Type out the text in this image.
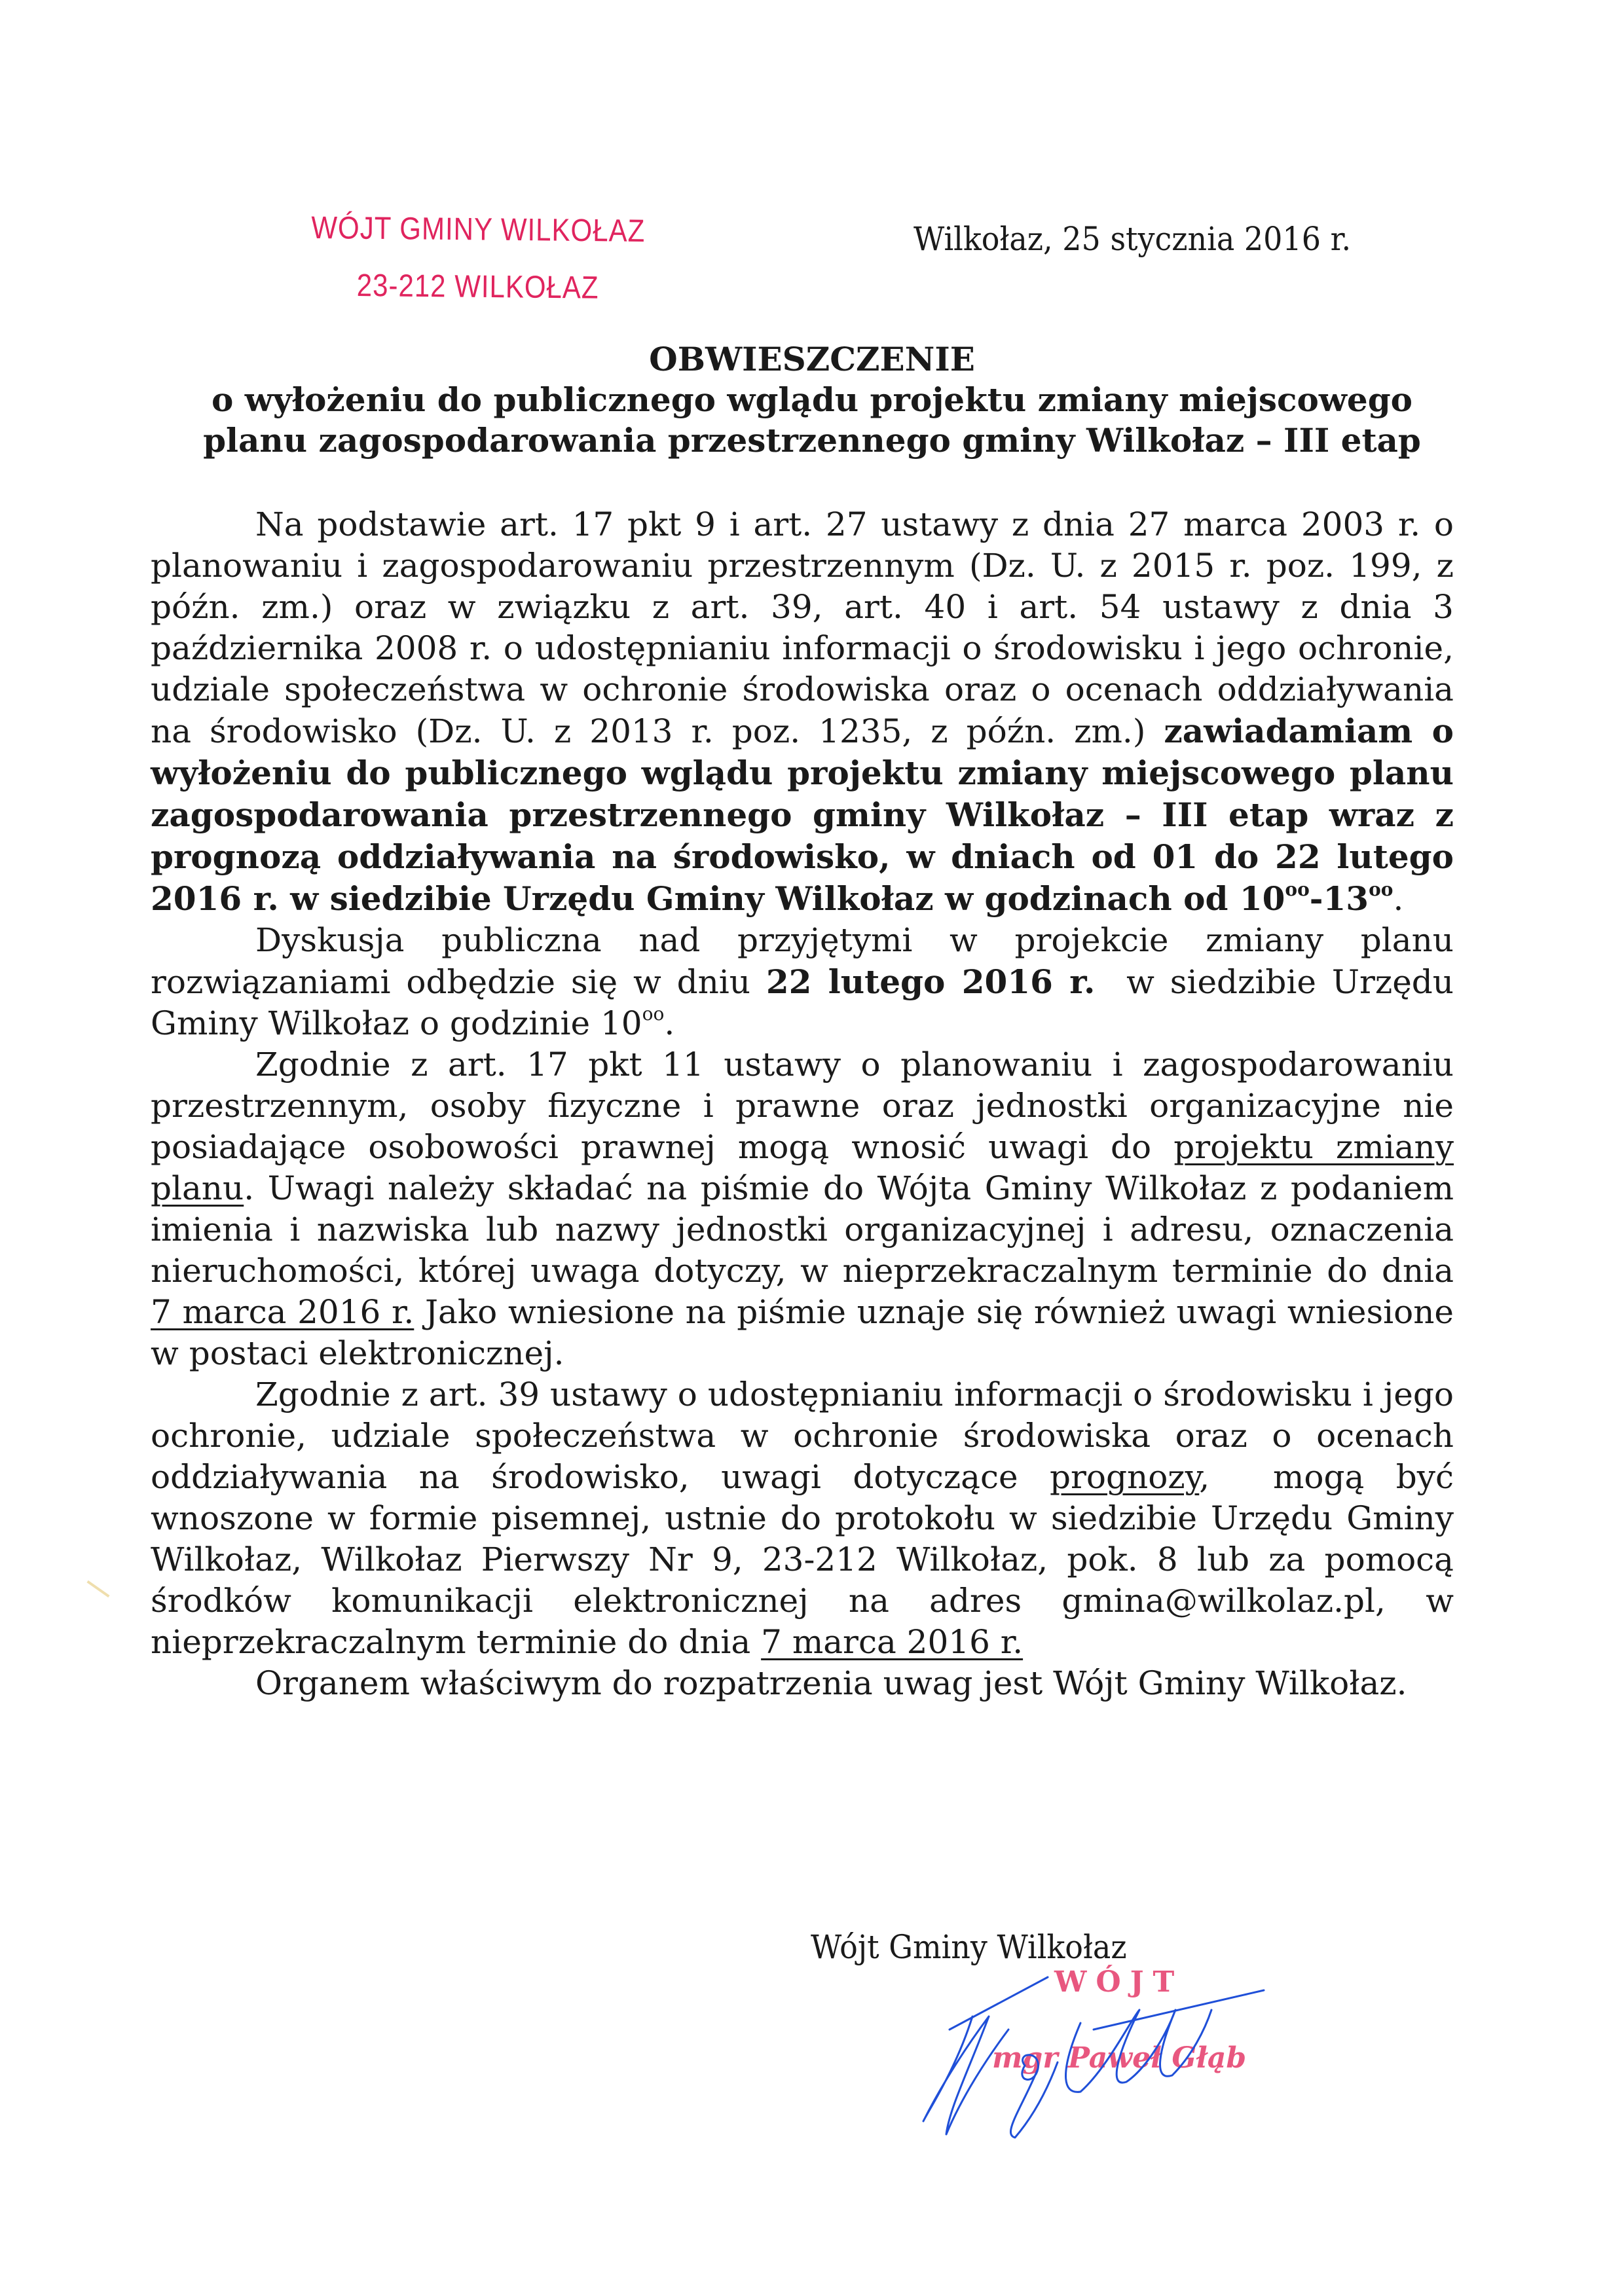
WÓJT GMINY WILKOŁAZ
23-212 WILKOŁAZ
Wilkołaz, 25 stycznia 2016 r.
OBWIESZCZENIE
o wyłożeniu do publicznego wglądu projektu zmiany miejscowego
planu zagospodarowania przestrzennego gminy Wilkołaz – III etap

Na podstawie art. 17 pkt 9 i art. 27 ustawy z dnia 27 marca 2003 r. o planowaniu i zagospodarowaniu przestrzennym (Dz. U. z 2015 r. poz. 199, z późn. zm.) oraz w związku z art. 39, art. 40 i art. 54 ustawy z dnia 3 października 2008 r. o udostępnianiu informacji o środowisku i jego ochronie, udziale społeczeństwa w ochronie środowiska oraz o ocenach oddziaływania na środowisko (Dz. U. z 2013 r. poz. 1235, z późn. zm.) zawiadamiam o wyłożeniu do publicznego wglądu projektu zmiany miejscowego planu zagospodarowania przestrzennego gminy Wilkołaz – III etap wraz z prognozą oddziaływania na środowisko, w dniach od 01 do 22 lutego 2016 r. w siedzibie Urzędu Gminy Wilkołaz w godzinach od $10^{oo}-13^{oo}$.

Dyskusja publiczna nad przyjętymi w projekcie zmiany planu rozwiązaniami odbędzie się w dniu 22 lutego 2016 r.  w siedzibie Urzędu Gminy Wilkołaz o godzinie $10^{oo}$.

Zgodnie z art. 17 pkt 11 ustawy o planowaniu i zagospodarowaniu przestrzennym, osoby fizyczne i prawne oraz jednostki organizacyjne nie posiadające osobowości prawnej mogą wnosić uwagi do projektu zmiany planu. Uwagi należy składać na piśmie do Wójta Gminy Wilkołaz z podaniem imienia i nazwiska lub nazwy jednostki organizacyjnej i adresu, oznaczenia nieruchomości, której uwaga dotyczy, w nieprzekraczalnym terminie do dnia 7 marca 2016 r. Jako wniesione na piśmie uznaje się również uwagi wniesione w postaci elektronicznej.

Zgodnie z art. 39 ustawy o udostępnianiu informacji o środowisku i jego ochronie, udziale społeczeństwa w ochronie środowiska oraz o ocenach oddziaływania na środowisko, uwagi dotyczące prognozy,  mogą być wnoszone w formie pisemnej, ustnie do protokołu w siedzibie Urzędu Gminy Wilkołaz, Wilkołaz Pierwszy Nr 9, 23-212 Wilkołaz, pok. 8 lub za pomocą środków komunikacji elektronicznej na adres gmina@wilkolaz.pl, w nieprzekraczalnym terminie do dnia 7 marca 2016 r.

Organem właściwym do rozpatrzenia uwag jest Wójt Gminy Wilkołaz.

Wójt Gminy Wilkołaz
WÓJT
mgr Paweł Głąb
